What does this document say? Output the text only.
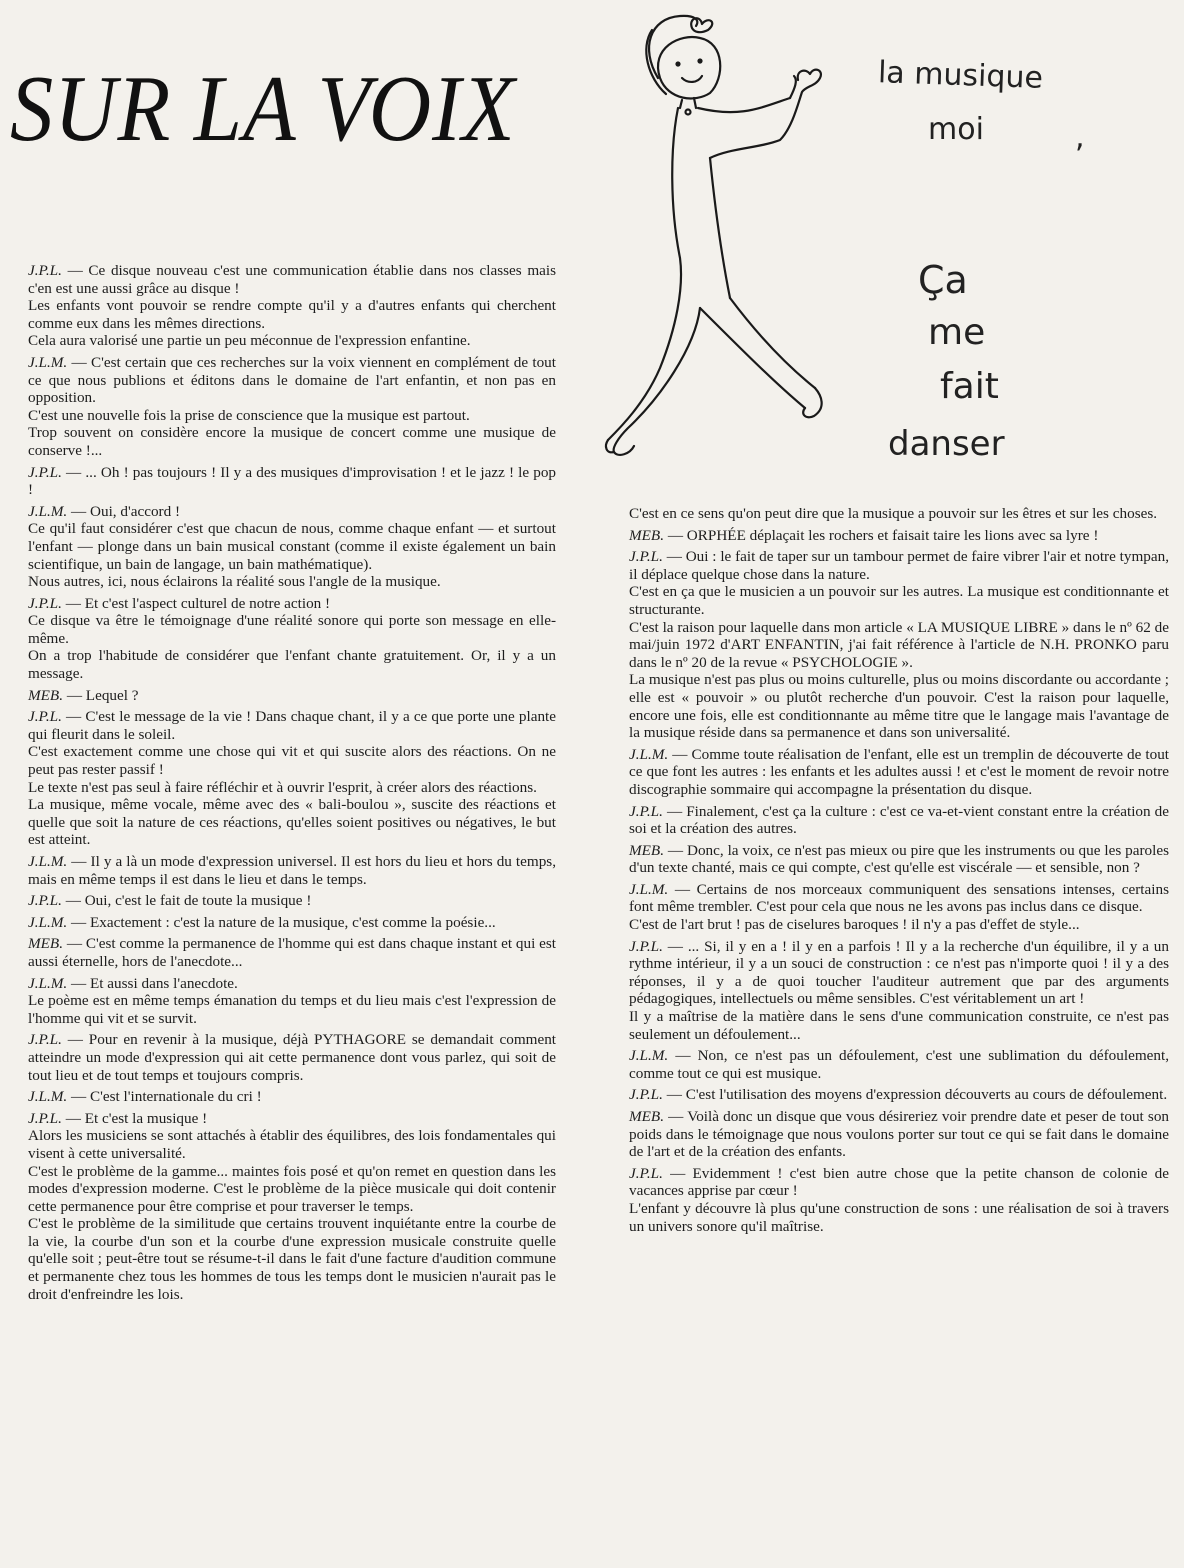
SUR LA VOIX	la musique
moi	,
Ça
me
fait
danser

J.P.L. — Ce disque nouveau c'est une communication établie dans nos classes mais c'en est une aussi grâce au disque !

Les enfants vont pouvoir se rendre compte qu'il y a d'autres enfants qui cherchent comme eux dans les mêmes directions.

Cela aura valorisé une partie un peu méconnue de l'expression enfantine.

J.L.M. — C'est certain que ces recherches sur la voix viennent en complément de tout ce que nous publions et éditons dans le domaine de l'art enfantin, et non pas en opposition.

C'est une nouvelle fois la prise de conscience que la musique est partout.

Trop souvent on considère encore la musique de concert comme une musique de conserve !...

J.P.L. — ... Oh ! pas toujours ! Il y a des musiques d'improvisation ! et le jazz ! le pop !

J.L.M. — Oui, d'accord !

Ce qu'il faut considérer c'est que chacun de nous, comme chaque enfant — et surtout l'enfant — plonge dans un bain musical constant (comme il existe également un bain scientifique, un bain de langage, un bain mathématique).

Nous autres, ici, nous éclairons la réalité sous l'angle de la musique.

J.P.L. — Et c'est l'aspect culturel de notre action !

Ce disque va être le témoignage d'une réalité sonore qui porte son message en elle-même.

On a trop l'habitude de considérer que l'enfant chante gratuitement. Or, il y a un message.

MEB. — Lequel ?

J.P.L. — C'est le message de la vie ! Dans chaque chant, il y a ce que porte une plante qui fleurit dans le soleil.

C'est exactement comme une chose qui vit et qui suscite alors des réactions. On ne peut pas rester passif !

Le texte n'est pas seul à faire réfléchir et à ouvrir l'esprit, à créer alors des réactions.

La musique, même vocale, même avec des « bali-boulou », suscite des réactions et quelle que soit la nature de ces réactions, qu'elles soient positives ou négatives, le but est atteint.

J.L.M. — Il y a là un mode d'expression universel. Il est hors du lieu et hors du temps, mais en même temps il est dans le lieu et dans le temps.

J.P.L. — Oui, c'est le fait de toute la musique !

J.L.M. — Exactement : c'est la nature de la musique, c'est comme la poésie...

MEB. — C'est comme la permanence de l'homme qui est dans chaque instant et qui est aussi éternelle, hors de l'anecdote...

J.L.M. — Et aussi dans l'anecdote.

Le poème est en même temps émanation du temps et du lieu mais c'est l'expression de l'homme qui vit et se survit.

J.P.L. — Pour en revenir à la musique, déjà PYTHAGORE se demandait comment atteindre un mode d'expression qui ait cette permanence dont vous parlez, qui soit de tout lieu et de tout temps et toujours compris.

J.L.M. — C'est l'internationale du cri !

J.P.L. — Et c'est la musique !

Alors les musiciens se sont attachés à établir des équilibres, des lois fondamentales qui visent à cette universalité.

C'est le problème de la gamme... maintes fois posé et qu'on remet en question dans les modes d'expression moderne. C'est le problème de la pièce musicale qui doit contenir cette permanence pour être comprise et pour traverser le temps.

C'est le problème de la similitude que certains trouvent inquiétante entre la courbe de la vie, la courbe d'un son et la courbe d'une expression musicale construite quelle qu'elle soit ; peut-être tout se résume-t-il dans le fait d'une facture d'audition commune et permanente chez tous les hommes de tous les temps dont le musicien n'aurait pas le droit d'enfreindre les lois.

C'est en ce sens qu'on peut dire que la musique a pouvoir sur les êtres et sur les choses.

MEB. — ORPHÉE déplaçait les rochers et faisait taire les lions avec sa lyre !

J.P.L. — Oui : le fait de taper sur un tambour permet de faire vibrer l'air et notre tympan, il déplace quelque chose dans la nature.

C'est en ça que le musicien a un pouvoir sur les autres. La musique est conditionnante et structurante.

C'est la raison pour laquelle dans mon article « LA MUSIQUE LIBRE » dans le nº 62 de mai/juin 1972 d'ART ENFANTIN, j'ai fait référence à l'article de N.H. PRONKO paru dans le nº 20 de la revue « PSYCHOLOGIE ».

La musique n'est pas plus ou moins culturelle, plus ou moins discordante ou accordante ; elle est « pouvoir » ou plutôt recherche d'un pouvoir. C'est la raison pour laquelle, encore une fois, elle est conditionnante au même titre que le langage mais l'avantage de la musique réside dans sa permanence et dans son universalité.

J.L.M. — Comme toute réalisation de l'enfant, elle est un tremplin de découverte de tout ce que font les autres : les enfants et les adultes aussi ! et c'est le moment de revoir notre discographie sommaire qui accompagne la présentation du disque.

J.P.L. — Finalement, c'est ça la culture : c'est ce va-et-vient constant entre la création de soi et la création des autres.

MEB. — Donc, la voix, ce n'est pas mieux ou pire que les instruments ou que les paroles d'un texte chanté, mais ce qui compte, c'est qu'elle est viscérale — et sensible, non ?

J.L.M. — Certains de nos morceaux communiquent des sensations intenses, certains font même trembler. C'est pour cela que nous ne les avons pas inclus dans ce disque.

C'est de l'art brut ! pas de ciselures baroques ! il n'y a pas d'effet de style...

J.P.L. — ... Si, il y en a ! il y en a parfois ! Il y a la recherche d'un équilibre, il y a un rythme intérieur, il y a un souci de construction : ce n'est pas n'importe quoi ! il y a des réponses, il y a de quoi toucher l'auditeur autrement que par des arguments pédagogiques, intellectuels ou même sensibles. C'est véritablement un art !

Il y a maîtrise de la matière dans le sens d'une communication construite, ce n'est pas seulement un défoulement...

J.L.M. — Non, ce n'est pas un défoulement, c'est une sublimation du défoulement, comme tout ce qui est musique.

J.P.L. — C'est l'utilisation des moyens d'expression découverts au cours de défoulement.

MEB. — Voilà donc un disque que vous désireriez voir prendre date et peser de tout son poids dans le témoignage que nous voulons porter sur tout ce qui se fait dans le domaine de l'art et de la création des enfants.

J.P.L. — Evidemment ! c'est bien autre chose que la petite chanson de colonie de vacances apprise par cœur !

L'enfant y découvre là plus qu'une construction de sons : une réalisation de soi à travers un univers sonore qu'il maîtrise.
